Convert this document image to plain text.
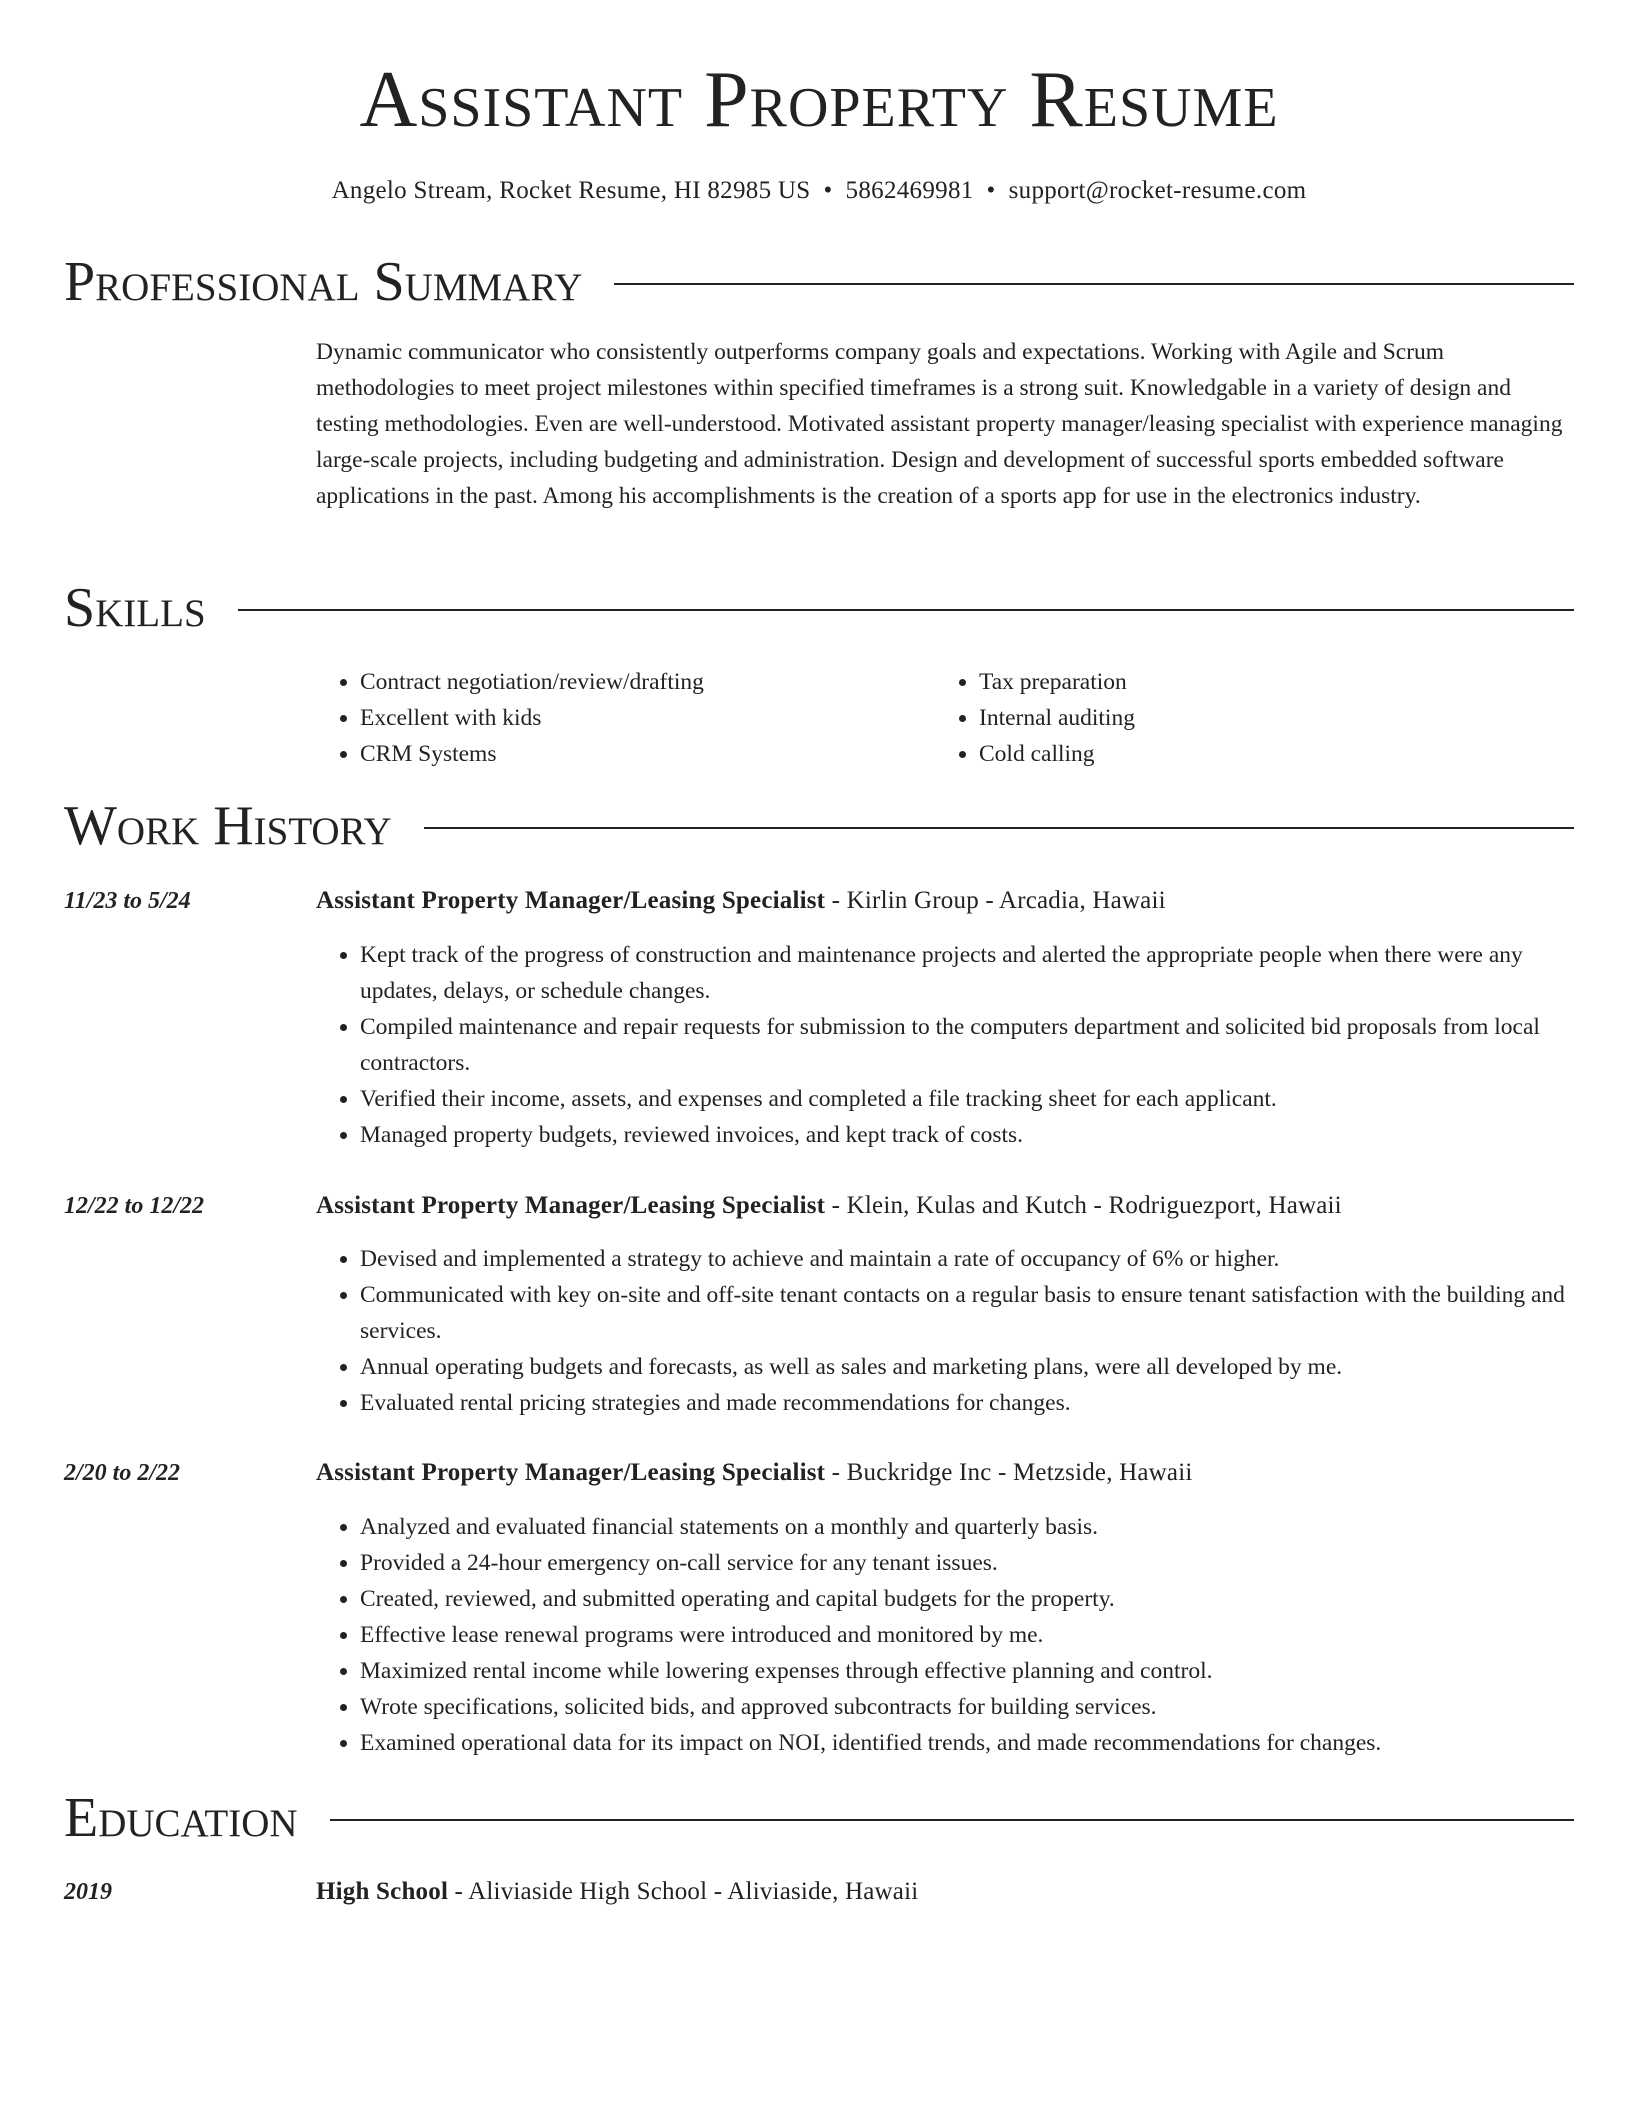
Assistant Property Resume
Angelo Stream, Rocket Resume, HI 82985 US • 5862469981 • support@rocket-resume.com
Professional Summary
Dynamic communicator who consistently outperforms company goals and expectations. Working with Agile and Scrum methodologies to meet project milestones within specified timeframes is a strong suit. Knowledgable in a variety of design and testing methodologies. Even are well-understood. Motivated assistant property manager/leasing specialist with experience managing large-scale projects, including budgeting and administration. Design and development of successful sports embedded software applications in the past. Among his accomplishments is the creation of a sports app for use in the electronics industry.
Skills
• Contract negotiation/review/drafting
• Excellent with kids
• CRM Systems
• Tax preparation
• Internal auditing
• Cold calling
Work History
11/23 to 5/24	Assistant Property Manager/Leasing Specialist - Kirlin Group - Arcadia, Hawaii
• Kept track of the progress of construction and maintenance projects and alerted the appropriate people when there were any updates, delays, or schedule changes.
• Compiled maintenance and repair requests for submission to the computers department and solicited bid proposals from local contractors.
• Verified their income, assets, and expenses and completed a file tracking sheet for each applicant.
• Managed property budgets, reviewed invoices, and kept track of costs.
12/22 to 12/22	Assistant Property Manager/Leasing Specialist - Klein, Kulas and Kutch - Rodriguezport, Hawaii
• Devised and implemented a strategy to achieve and maintain a rate of occupancy of 6% or higher.
• Communicated with key on-site and off-site tenant contacts on a regular basis to ensure tenant satisfaction with the building and services.
• Annual operating budgets and forecasts, as well as sales and marketing plans, were all developed by me.
• Evaluated rental pricing strategies and made recommendations for changes.
2/20 to 2/22	Assistant Property Manager/Leasing Specialist - Buckridge Inc - Metzside, Hawaii
• Analyzed and evaluated financial statements on a monthly and quarterly basis.
• Provided a 24-hour emergency on-call service for any tenant issues.
• Created, reviewed, and submitted operating and capital budgets for the property.
• Effective lease renewal programs were introduced and monitored by me.
• Maximized rental income while lowering expenses through effective planning and control.
• Wrote specifications, solicited bids, and approved subcontracts for building services.
• Examined operational data for its impact on NOI, identified trends, and made recommendations for changes.
Education
2019	High School - Aliviaside High School - Aliviaside, Hawaii
